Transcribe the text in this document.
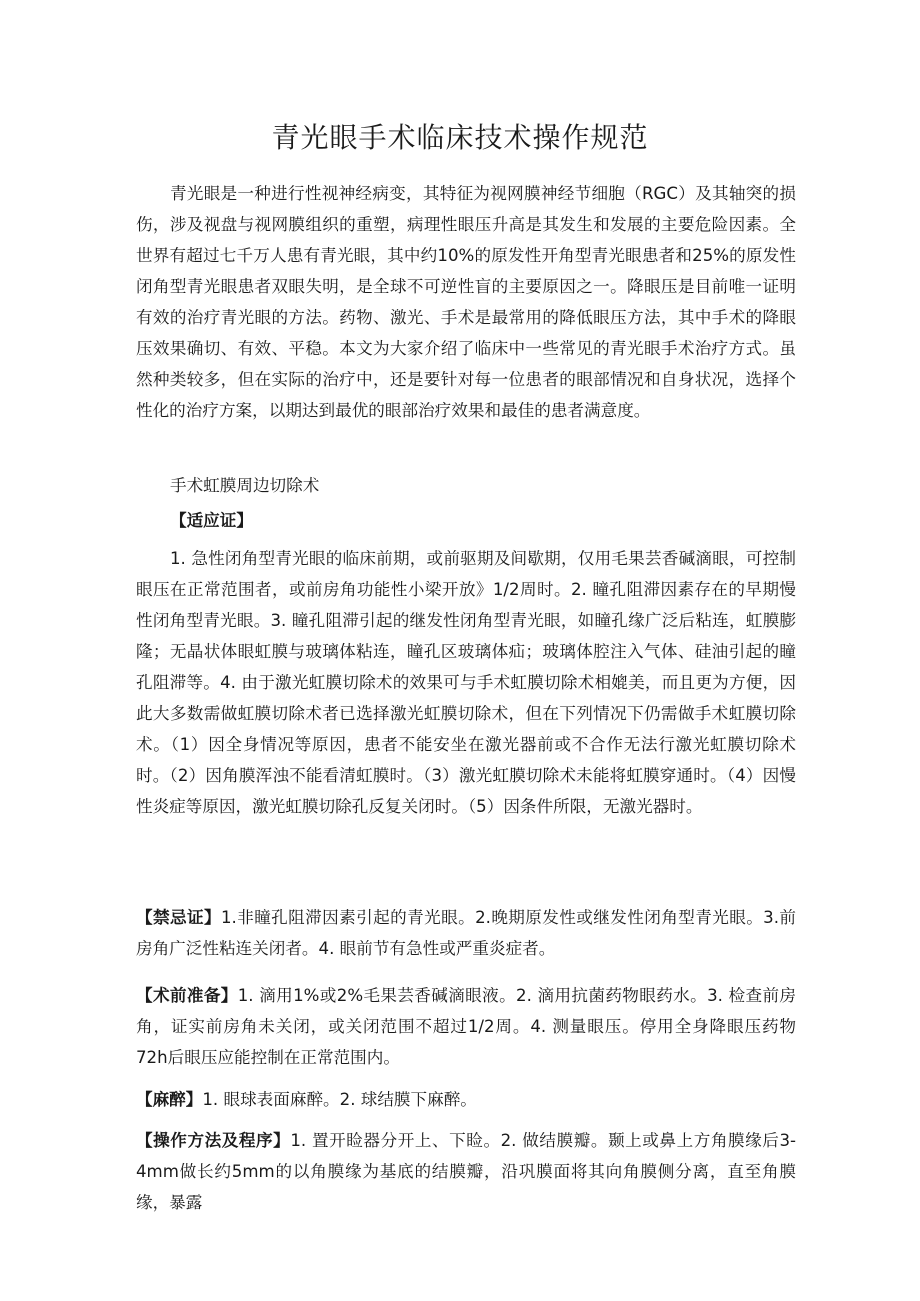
青光眼手术临床技术操作规范

青光眼是一种进行性视神经病变，其特征为视网膜神经节细胞（RGC）及其轴突的损伤，涉及视盘与视网膜组织的重塑，病理性眼压升高是其发生和发展的主要危险因素。全世界有超过七千万人患有青光眼，其中约10%的原发性开角型青光眼患者和25%的原发性闭角型青光眼患者双眼失明，是全球不可逆性盲的主要原因之一。降眼压是目前唯一证明有效的治疗青光眼的方法。药物、激光、手术是最常用的降低眼压方法，其中手术的降眼压效果确切、有效、平稳。本文为大家介绍了临床中一些常见的青光眼手术治疗方式。虽然种类较多，但在实际的治疗中，还是要针对每一位患者的眼部情况和自身状况，选择个性化的治疗方案，以期达到最优的眼部治疗效果和最佳的患者满意度。

手术虹膜周边切除术

【适应证】

1. 急性闭角型青光眼的临床前期，或前驱期及间歇期，仅用毛果芸香碱滴眼，可控制眼压在正常范围者，或前房角功能性小梁开放》1/2周时。2. 瞳孔阻滞因素存在的早期慢性闭角型青光眼。3. 瞳孔阻滞引起的继发性闭角型青光眼，如瞳孔缘广泛后粘连，虹膜膨隆；无晶状体眼虹膜与玻璃体粘连，瞳孔区玻璃体疝；玻璃体腔注入气体、硅油引起的瞳孔阻滞等。4. 由于激光虹膜切除术的效果可与手术虹膜切除术相媲美，而且更为方便，因此大多数需做虹膜切除术者已选择激光虹膜切除术，但在下列情况下仍需做手术虹膜切除术。（1）因全身情况等原因，患者不能安坐在激光器前或不合作无法行激光虹膜切除术时。（2）因角膜浑浊不能看清虹膜时。（3）激光虹膜切除术未能将虹膜穿通时。（4）因慢性炎症等原因，激光虹膜切除孔反复关闭时。（5）因条件所限，无激光器时。

【禁忌证】1.非瞳孔阻滞因素引起的青光眼。2.晚期原发性或继发性闭角型青光眼。3.前房角广泛性粘连关闭者。4. 眼前节有急性或严重炎症者。

【术前准备】1. 滴用1%或2%毛果芸香碱滴眼液。2. 滴用抗菌药物眼药水。3. 检查前房角，证实前房角未关闭，或关闭范围不超过1/2周。4. 测量眼压。停用全身降眼压药物72h后眼压应能控制在正常范围内。

【麻醉】1. 眼球表面麻醉。2. 球结膜下麻醉。

【操作方法及程序】1. 置开睑器分开上、下睑。2. 做结膜瓣。颞上或鼻上方角膜缘后3-4mm做长约5mm的以角膜缘为基底的结膜瓣，沿巩膜面将其向角膜侧分离，直至角膜缘，暴露
